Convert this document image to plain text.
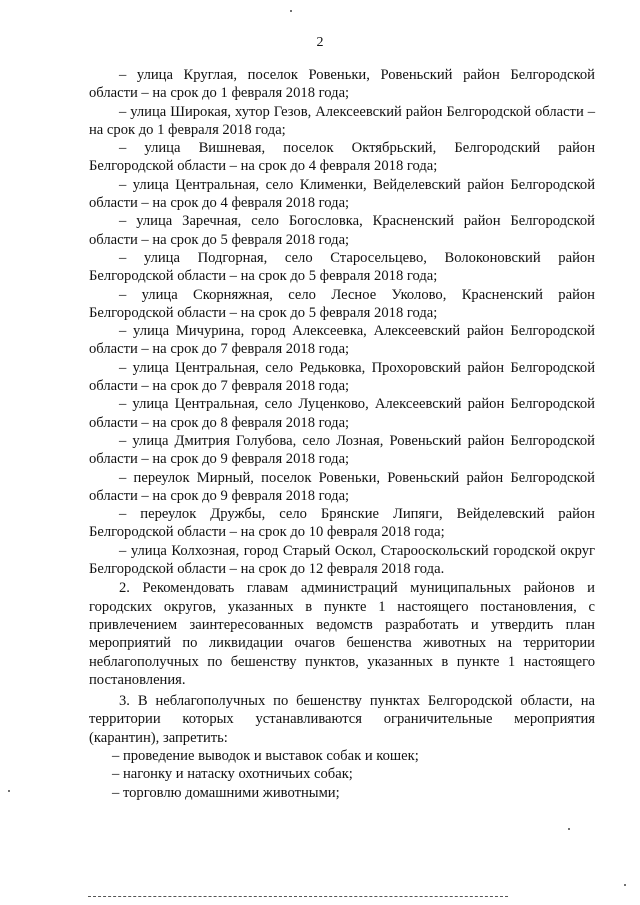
2

– улица Круглая, поселок Ровеньки, Ровеньский район Белгородской области – на срок до 1 февраля 2018 года;

– улица Широкая, хутор Гезов, Алексеевский район Белгородской области – на срок до 1 февраля 2018 года;

– улица Вишневая, поселок Октябрьский, Белгородский район Белгородской области – на срок до 4 февраля 2018 года;

– улица Центральная, село Клименки, Вейделевский район Белгородской области – на срок до 4 февраля 2018 года;

– улица Заречная, село Богословка, Красненский район Белгородской области – на срок до 5 февраля 2018 года;

– улица Подгорная, село Старосельцево, Волоконовский район Белгородской области – на срок до 5 февраля 2018 года;

– улица Скорняжная, село Лесное Уколово, Красненский район Белгородской области – на срок до 5 февраля 2018 года;

– улица Мичурина, город Алексеевка, Алексеевский район Белгородской области – на срок до 7 февраля 2018 года;

– улица Центральная, село Редьковка, Прохоровский район Белгородской области – на срок до 7 февраля 2018 года;

– улица Центральная, село Луценково, Алексеевский район Белгородской области – на срок до 8 февраля 2018 года;

– улица Дмитрия Голубова, село Лозная, Ровеньский район Белгородской области – на срок до 9 февраля 2018 года;

– переулок Мирный, поселок Ровеньки, Ровеньский район Белгородской области – на срок до 9 февраля 2018 года;

– переулок Дружбы, село Брянские Липяги, Вейделевский район Белгородской области – на срок до 10 февраля 2018 года;

– улица Колхозная, город Старый Оскол, Старооскольский городской округ Белгородской области – на срок до 12 февраля 2018 года.

2. Рекомендовать главам администраций муниципальных районов и городских округов, указанных в пункте 1 настоящего постановления, с привлечением заинтересованных ведомств разработать и утвердить план мероприятий по ликвидации очагов бешенства животных на территории неблагополучных по бешенству пунктов, указанных в пункте 1 настоящего постановления.

3. В неблагополучных по бешенству пунктах Белгородской области, на территории которых устанавливаются ограничительные мероприятия (карантин), запретить:

– проведение выводок и выставок собак и кошек;

– нагонку и натаску охотничьих собак;

– торговлю домашними животными;
